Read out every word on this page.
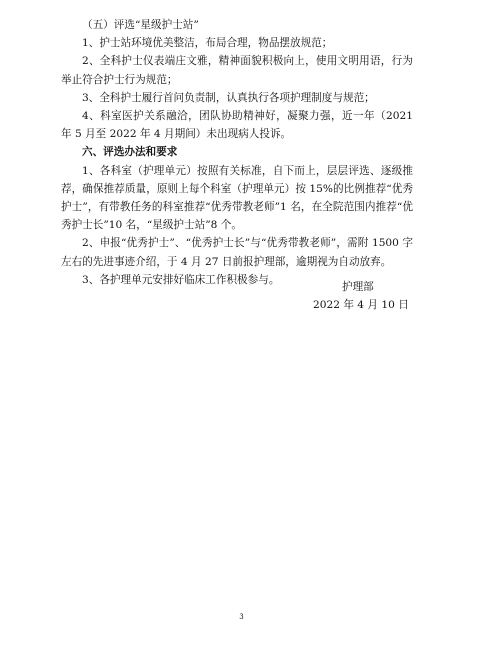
（五）评选“星级护士站”

1、护士站环境优美整洁，布局合理，物品摆放规范；

2、全科护士仪表端庄文雅，精神面貌积极向上，使用文明用语，行为举止符合护士行为规范；

3、全科护士履行首问负责制，认真执行各项护理制度与规范；

4、科室医护关系融洽，团队协助精神好，凝聚力强，近一年（2021 年 5 月至 2022 年 4 月期间）未出现病人投诉。

六、评选办法和要求

1、各科室（护理单元）按照有关标准，自下而上，层层评选、逐级推荐，确保推荐质量，原则上每个科室（护理单元）按 15%的比例推荐“优秀护士”，有带教任务的科室推荐“优秀带教老师”1 名，在全院范围内推荐“优秀护士长”10 名，“星级护士站”8 个。

2、申报“优秀护士”、“优秀护士长”与“优秀带教老师”，需附 1500 字左右的先进事迹介绍，于 4 月 27 日前报护理部，逾期视为自动放弃。

3、各护理单元安排好临床工作积极参与。

护理部
2022 年 4 月 10 日
3
